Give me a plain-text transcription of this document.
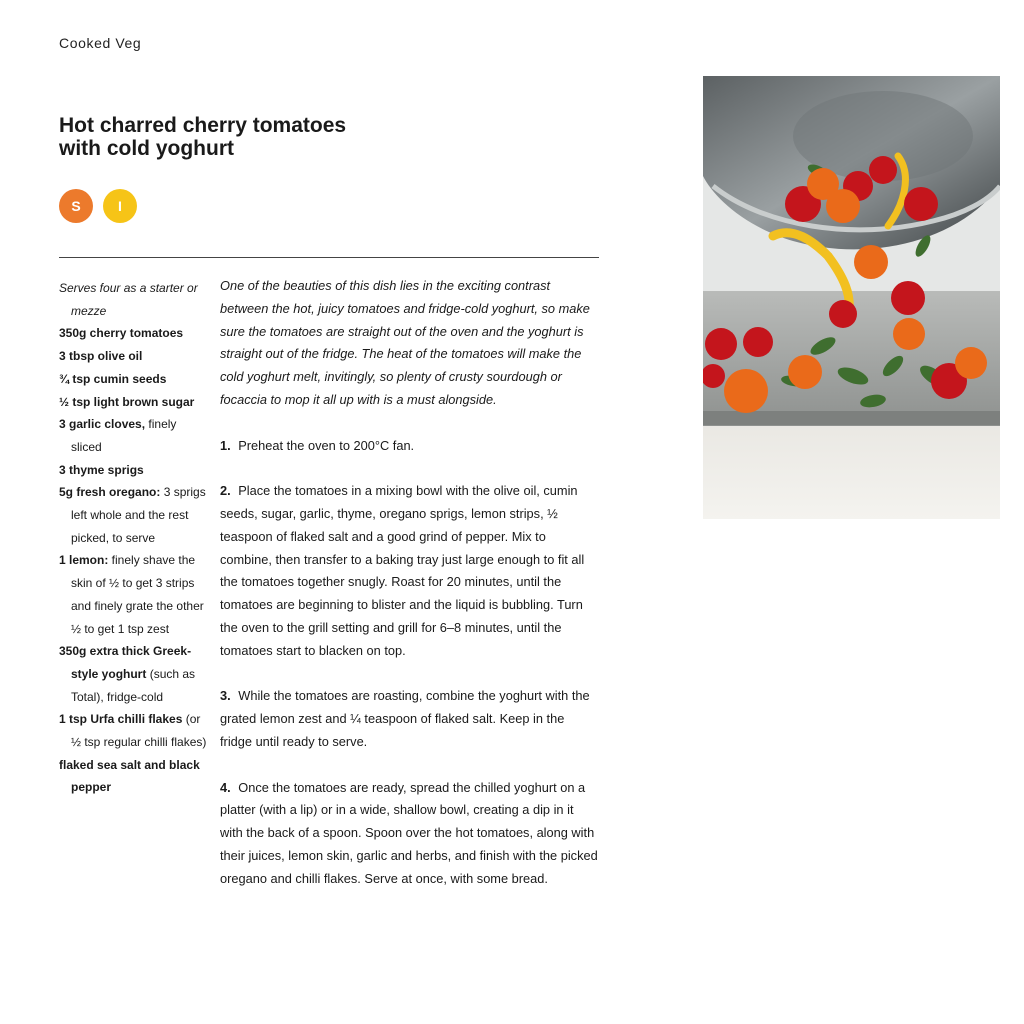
Cooked Veg
Hot charred cherry tomatoes
with cold yoghurt
S	I
Serves four as a starter or mezze
350g cherry tomatoes
3 tbsp olive oil
¾ tsp cumin seeds
½ tsp light brown sugar
3 garlic cloves, finely sliced
3 thyme sprigs
5g fresh oregano: 3 sprigs left whole and the rest picked, to serve
1 lemon: finely shave the skin of ½ to get 3 strips and finely grate the other ½ to get 1 tsp zest
350g extra thick Greek-style yoghurt (such as Total), fridge-cold
1 tsp Urfa chilli flakes (or ½ tsp regular chilli flakes)
flaked sea salt and black pepper

One of the beauties of this dish lies in the exciting contrast between the hot, juicy tomatoes and fridge-cold yoghurt, so make sure the tomatoes are straight out of the oven and the yoghurt is straight out of the fridge. The heat of the tomatoes will make the cold yoghurt melt, invitingly, so plenty of crusty sourdough or focaccia to mop it all up with is a must alongside.

1. Preheat the oven to 200°C fan.

2. Place the tomatoes in a mixing bowl with the olive oil, cumin seeds, sugar, garlic, thyme, oregano sprigs, lemon strips, ½ teaspoon of flaked salt and a good grind of pepper. Mix to combine, then transfer to a baking tray just large enough to fit all the tomatoes together snugly. Roast for 20 minutes, until the tomatoes are beginning to blister and the liquid is bubbling. Turn the oven to the grill setting and grill for 6–8 minutes, until the tomatoes start to blacken on top.

3. While the tomatoes are roasting, combine the yoghurt with the grated lemon zest and ¼ teaspoon of flaked salt. Keep in the fridge until ready to serve.

4. Once the tomatoes are ready, spread the chilled yoghurt on a platter (with a lip) or in a wide, shallow bowl, creating a dip in it with the back of a spoon. Spoon over the hot tomatoes, along with their juices, lemon skin, garlic and herbs, and finish with the picked oregano and chilli flakes. Serve at once, with some bread.
